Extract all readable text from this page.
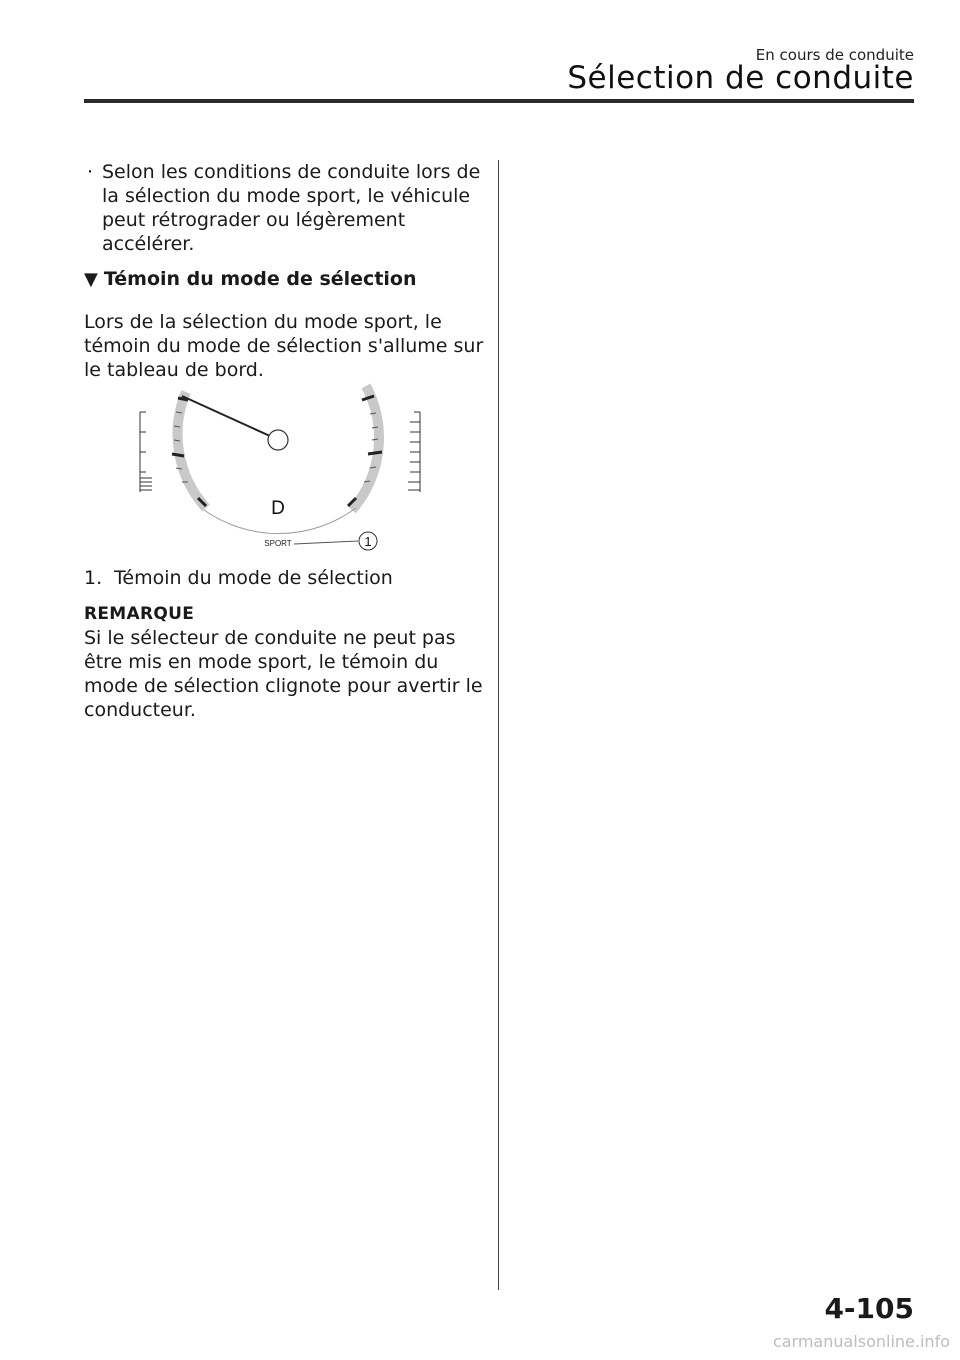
En cours de conduite
Sélection de conduite
· Selon les conditions de conduite lors de la sélection du mode sport, le véhicule peut rétrograder ou légèrement accélérer.
▼ Témoin du mode de sélection
Lors de la sélection du mode sport, le témoin du mode de sélection s'allume sur le tableau de bord.
D
SPORT	1
1. Témoin du mode de sélection
REMARQUE
Si le sélecteur de conduite ne peut pas être mis en mode sport, le témoin du mode de sélection clignote pour avertir le conducteur.
4-105
carmanualsonline.info
